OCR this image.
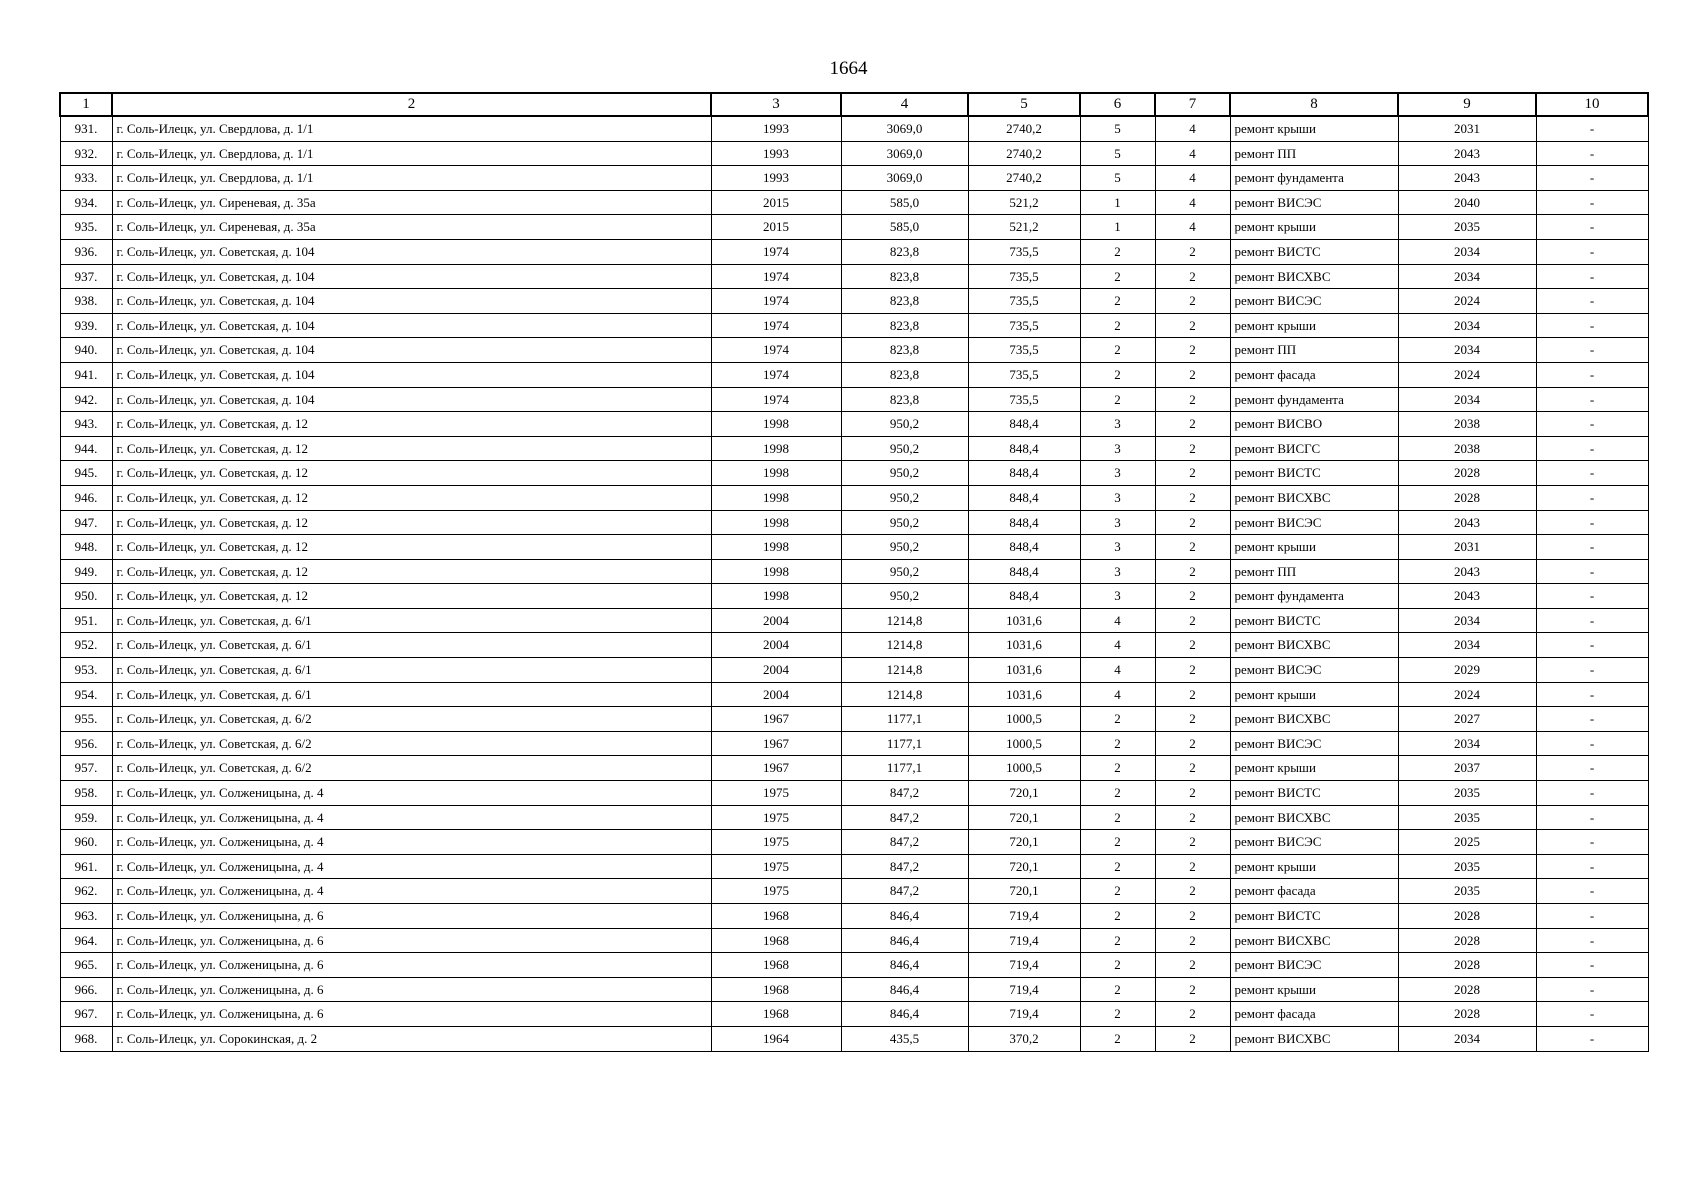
1664
1	2	3	4	5	6	7	8	9	10
931.	г. Соль-Илецк, ул. Свердлова, д. 1/1	1993	3069,0	2740,2	5	4	ремонт крыши	2031	-
932.	г. Соль-Илецк, ул. Свердлова, д. 1/1	1993	3069,0	2740,2	5	4	ремонт ПП	2043	-
933.	г. Соль-Илецк, ул. Свердлова, д. 1/1	1993	3069,0	2740,2	5	4	ремонт фундамента	2043	-
934.	г. Соль-Илецк, ул. Сиреневая, д. 35а	2015	585,0	521,2	1	4	ремонт ВИСЭС	2040	-
935.	г. Соль-Илецк, ул. Сиреневая, д. 35а	2015	585,0	521,2	1	4	ремонт крыши	2035	-
936.	г. Соль-Илецк, ул. Советская, д. 104	1974	823,8	735,5	2	2	ремонт ВИСТС	2034	-
937.	г. Соль-Илецк, ул. Советская, д. 104	1974	823,8	735,5	2	2	ремонт ВИСХВС	2034	-
938.	г. Соль-Илецк, ул. Советская, д. 104	1974	823,8	735,5	2	2	ремонт ВИСЭС	2024	-
939.	г. Соль-Илецк, ул. Советская, д. 104	1974	823,8	735,5	2	2	ремонт крыши	2034	-
940.	г. Соль-Илецк, ул. Советская, д. 104	1974	823,8	735,5	2	2	ремонт ПП	2034	-
941.	г. Соль-Илецк, ул. Советская, д. 104	1974	823,8	735,5	2	2	ремонт фасада	2024	-
942.	г. Соль-Илецк, ул. Советская, д. 104	1974	823,8	735,5	2	2	ремонт фундамента	2034	-
943.	г. Соль-Илецк, ул. Советская, д. 12	1998	950,2	848,4	3	2	ремонт ВИСВО	2038	-
944.	г. Соль-Илецк, ул. Советская, д. 12	1998	950,2	848,4	3	2	ремонт ВИСГС	2038	-
945.	г. Соль-Илецк, ул. Советская, д. 12	1998	950,2	848,4	3	2	ремонт ВИСТС	2028	-
946.	г. Соль-Илецк, ул. Советская, д. 12	1998	950,2	848,4	3	2	ремонт ВИСХВС	2028	-
947.	г. Соль-Илецк, ул. Советская, д. 12	1998	950,2	848,4	3	2	ремонт ВИСЭС	2043	-
948.	г. Соль-Илецк, ул. Советская, д. 12	1998	950,2	848,4	3	2	ремонт крыши	2031	-
949.	г. Соль-Илецк, ул. Советская, д. 12	1998	950,2	848,4	3	2	ремонт ПП	2043	-
950.	г. Соль-Илецк, ул. Советская, д. 12	1998	950,2	848,4	3	2	ремонт фундамента	2043	-
951.	г. Соль-Илецк, ул. Советская, д. 6/1	2004	1214,8	1031,6	4	2	ремонт ВИСТС	2034	-
952.	г. Соль-Илецк, ул. Советская, д. 6/1	2004	1214,8	1031,6	4	2	ремонт ВИСХВС	2034	-
953.	г. Соль-Илецк, ул. Советская, д. 6/1	2004	1214,8	1031,6	4	2	ремонт ВИСЭС	2029	-
954.	г. Соль-Илецк, ул. Советская, д. 6/1	2004	1214,8	1031,6	4	2	ремонт крыши	2024	-
955.	г. Соль-Илецк, ул. Советская, д. 6/2	1967	1177,1	1000,5	2	2	ремонт ВИСХВС	2027	-
956.	г. Соль-Илецк, ул. Советская, д. 6/2	1967	1177,1	1000,5	2	2	ремонт ВИСЭС	2034	-
957.	г. Соль-Илецк, ул. Советская, д. 6/2	1967	1177,1	1000,5	2	2	ремонт крыши	2037	-
958.	г. Соль-Илецк, ул. Солженицына, д. 4	1975	847,2	720,1	2	2	ремонт ВИСТС	2035	-
959.	г. Соль-Илецк, ул. Солженицына, д. 4	1975	847,2	720,1	2	2	ремонт ВИСХВС	2035	-
960.	г. Соль-Илецк, ул. Солженицына, д. 4	1975	847,2	720,1	2	2	ремонт ВИСЭС	2025	-
961.	г. Соль-Илецк, ул. Солженицына, д. 4	1975	847,2	720,1	2	2	ремонт крыши	2035	-
962.	г. Соль-Илецк, ул. Солженицына, д. 4	1975	847,2	720,1	2	2	ремонт фасада	2035	-
963.	г. Соль-Илецк, ул. Солженицына, д. 6	1968	846,4	719,4	2	2	ремонт ВИСТС	2028	-
964.	г. Соль-Илецк, ул. Солженицына, д. 6	1968	846,4	719,4	2	2	ремонт ВИСХВС	2028	-
965.	г. Соль-Илецк, ул. Солженицына, д. 6	1968	846,4	719,4	2	2	ремонт ВИСЭС	2028	-
966.	г. Соль-Илецк, ул. Солженицына, д. 6	1968	846,4	719,4	2	2	ремонт крыши	2028	-
967.	г. Соль-Илецк, ул. Солженицына, д. 6	1968	846,4	719,4	2	2	ремонт фасада	2028	-
968.	г. Соль-Илецк, ул. Сорокинская, д. 2	1964	435,5	370,2	2	2	ремонт ВИСХВС	2034	-
